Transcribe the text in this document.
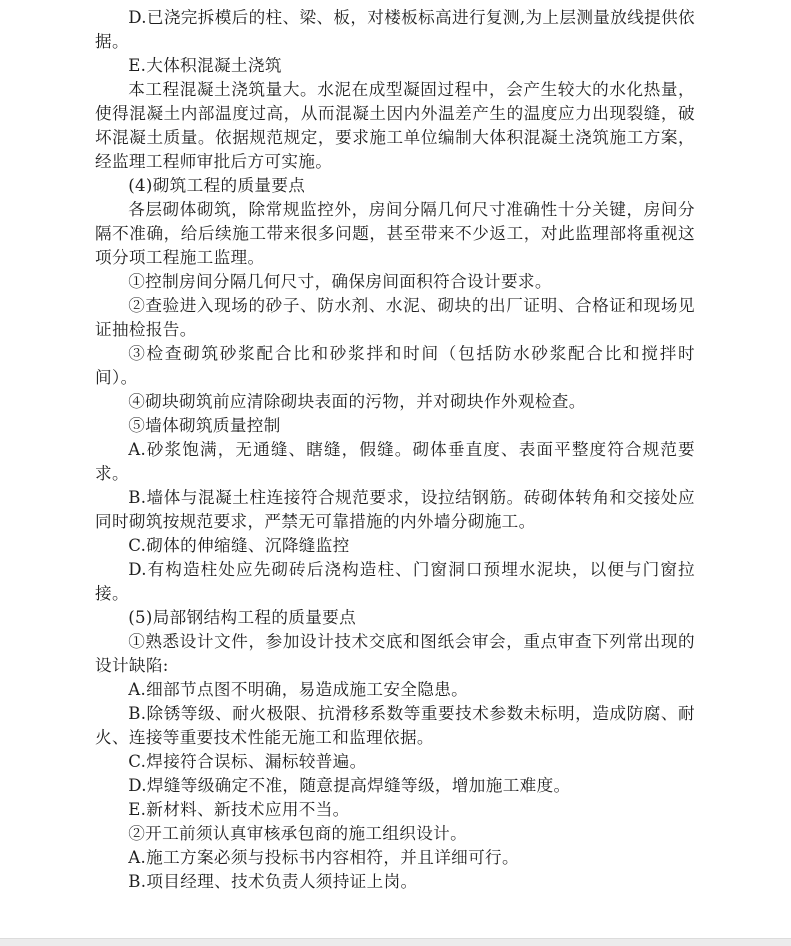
D.已浇完拆模后的柱、梁、板，对楼板标高进行复测,为上层测量放线提供依据。

E.大体积混凝土浇筑

本工程混凝土浇筑量大。水泥在成型凝固过程中，会产生较大的水化热量，使得混凝土内部温度过高，从而混凝土因内外温差产生的温度应力出现裂缝，破坏混凝土质量。依据规范规定，要求施工单位编制大体积混凝土浇筑施工方案，经监理工程师审批后方可实施。

(4)砌筑工程的质量要点

各层砌体砌筑，除常规监控外，房间分隔几何尺寸准确性十分关键，房间分隔不准确，给后续施工带来很多问题，甚至带来不少返工，对此监理部将重视这项分项工程施工监理。

①控制房间分隔几何尺寸，确保房间面积符合设计要求。

②查验进入现场的砂子、防水剂、水泥、砌块的出厂证明、合格证和现场见证抽检报告。

③检查砌筑砂浆配合比和砂浆拌和时间（包括防水砂浆配合比和搅拌时间）。

④砌块砌筑前应清除砌块表面的污物，并对砌块作外观检查。

⑤墙体砌筑质量控制

A.砂浆饱满，无通缝、瞎缝，假缝。砌体垂直度、表面平整度符合规范要求。

B.墙体与混凝土柱连接符合规范要求，设拉结钢筋。砖砌体转角和交接处应同时砌筑按规范要求，严禁无可靠措施的内外墙分砌施工。

C.砌体的伸缩缝、沉降缝监控

D.有构造柱处应先砌砖后浇构造柱、门窗洞口预埋水泥块，以便与门窗拉接。

(5)局部钢结构工程的质量要点

①熟悉设计文件，参加设计技术交底和图纸会审会，重点审查下列常出现的设计缺陷:

A.细部节点图不明确，易造成施工安全隐患。

B.除锈等级、耐火极限、抗滑移系数等重要技术参数未标明，造成防腐、耐火、连接等重要技术性能无施工和监理依据。

C.焊接符合误标、漏标较普遍。

D.焊缝等级确定不准，随意提高焊缝等级，增加施工难度。

E.新材料、新技术应用不当。

②开工前须认真审核承包商的施工组织设计。

A.施工方案必须与投标书内容相符，并且详细可行。

B.项目经理、技术负责人须持证上岗。
